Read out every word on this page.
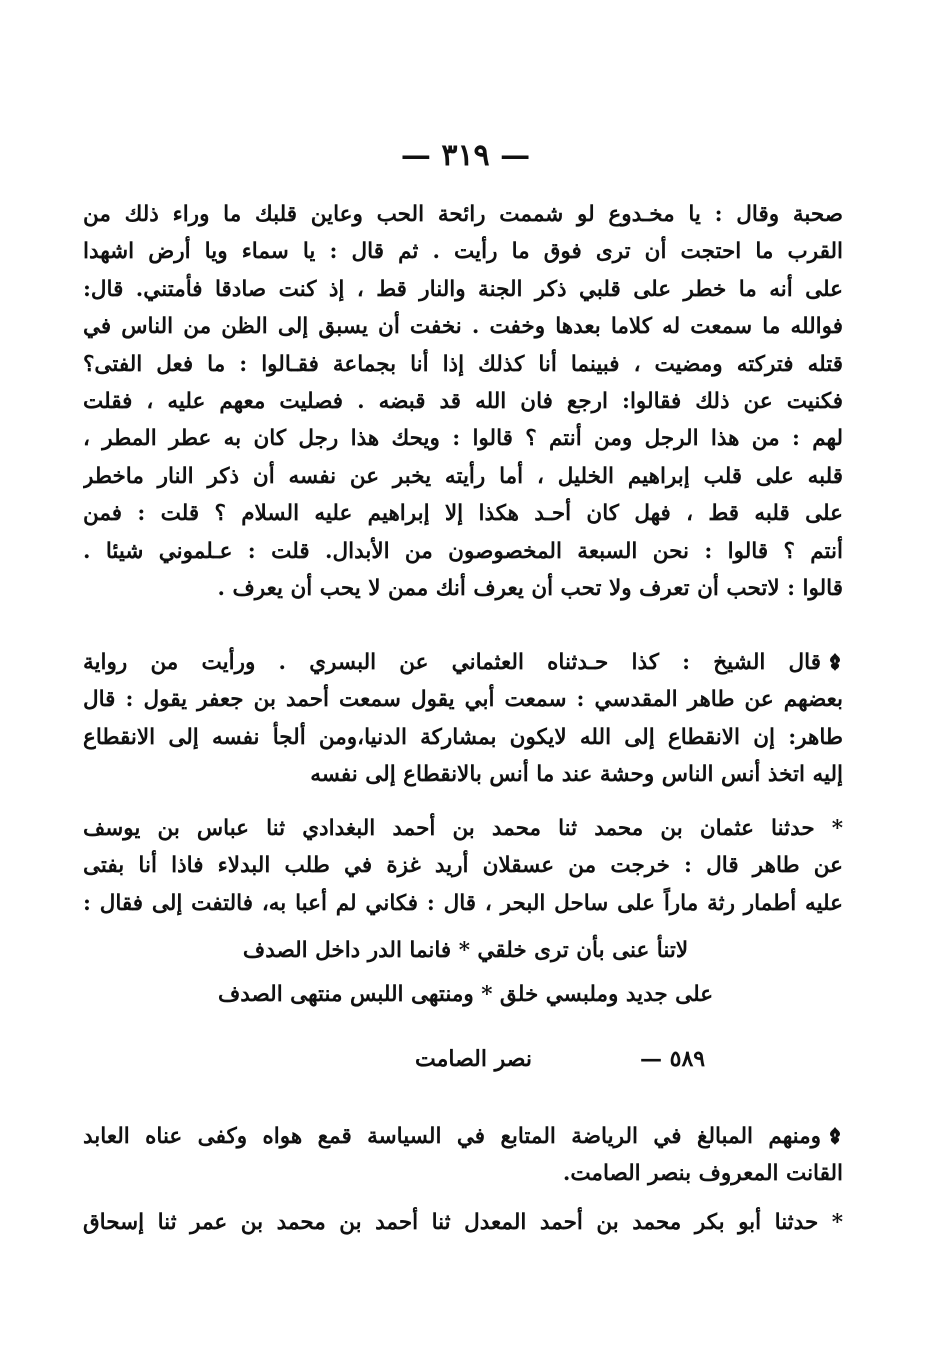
— ٣١٩ —
صحبة وقال : يا مخـدوع لو شممت رائحة الحب وعاين قلبك ما وراء ذلك من
القرب ما احتجت أن ترى فوق ما رأيت . ثم قال : يا سماء ويا أرض اشهدا
على أنه ما خطر على قلبي ذكر الجنة والنار قط ، إذ كنت صادقا فأمتني. قال:
فوالله ما سمعت له كلاما بعدها وخفت . نخفت أن يسبق إلى الظن من الناس في
قتله فتركته ومضيت ، فبينما أنا كذلك إذا أنا بجماعة فقـالوا : ما فعل الفتى؟
فكنيت عن ذلك فقالوا: ارجع فان الله قد قبضه . فصليت معهم عليه ، فقلت
لهم : من هذا الرجل ومن أنتم ؟ قالوا : ويحك هذا رجل كان به عطر المطر ،
قلبه على قلب إبراهيم الخليل ، أما رأيته يخبر عن نفسه أن ذكر النار ماخطر
على قلبه قط ، فهل كان أحـد هكذا إلا إبراهيم عليه السلام ؟ قلت : فمن
أنتم ؟ قالوا : نحن السبعة المخصوصون من الأبدال. قلت : عـلموني شيئا .
قالوا : لاتحب أن تعرف ولا تحب أن يعرف أنك ممن لا يحب أن يعرف .
قال الشيخ : كذا حـدثناه العثماني عن البسري . ورأيت من رواية
بعضهم عن طاهر المقدسي : سمعت أبي يقول سمعت أحمد بن جعفر يقول : قال
طاهر: إن الانقطاع إلى الله لايكون بمشاركة الدنيا،ومن ألجأ نفسه إلى الانقطاع
إليه اتخذ أنس الناس وحشة عند ما أنس بالانقطاع إلى نفسه
* حدثنا عثمان بن محمد ثنا محمد بن أحمد البغدادي ثنا عباس بن يوسف
عن طاهر قال : خرجت من عسقلان أريد غزة في طلب البدلاء فاذا أنا بفتى
عليه أطمار رثة ماراً على ساحل البحر ، قال : فكاني لم أعبا به، فالتفت إلى فقال :
لاتنأ عنى بأن ترى خلقي * فانما الدر داخل الصدف
على جديد وملبسي خلق * ومنتهى اللبس منتهى الصدف
٥٨٩ —
نصر الصامت
ومنهم المبالغ في الرياضة المتابع في السياسة قمع هواه وكفى عناه العابد
القانت المعروف بنصر الصامت.
* حدثنا أبو بكر محمد بن أحمد المعدل ثنا أحمد بن محمد بن عمر ثنا إسحاق
